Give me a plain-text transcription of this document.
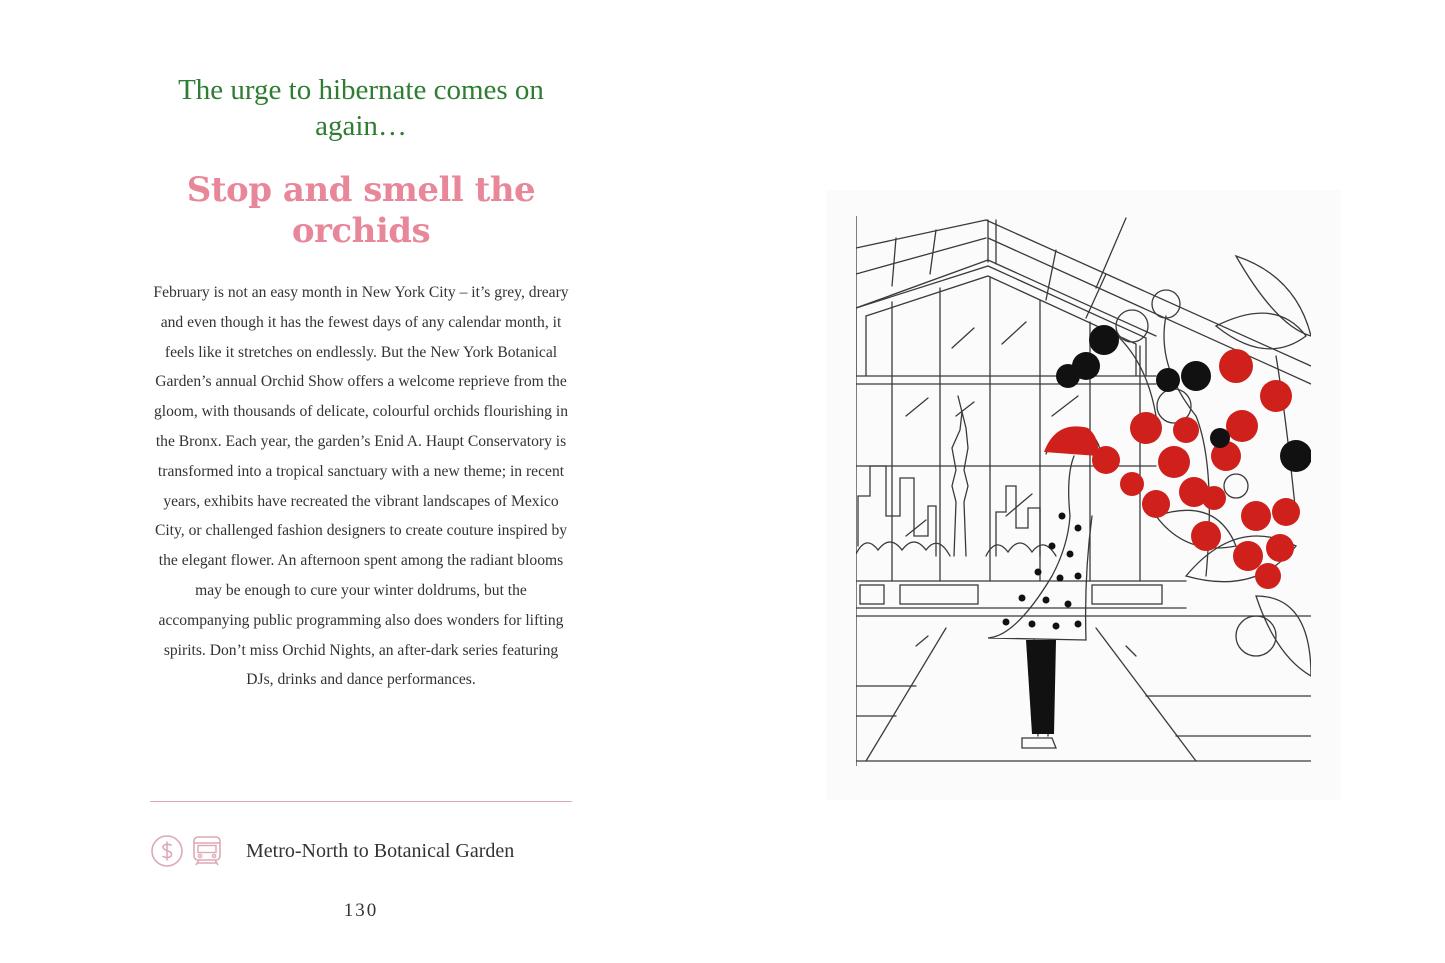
The urge to hibernate comes on again…
Stop and smell the orchids
February is not an easy month in New York City – it’s grey, dreary and even though it has the fewest days of any calendar month, it feels like it stretches on endlessly. But the New York Botanical Garden’s annual Orchid Show offers a welcome reprieve from the gloom, with thousands of delicate, colourful orchids flourishing in the Bronx. Each year, the garden’s Enid A. Haupt Conservatory is transformed into a tropical sanctuary with a new theme; in recent years, exhibits have recreated the vibrant landscapes of Mexico City, or challenged fashion designers to create couture inspired by the elegant flower. An afternoon spent among the radiant blooms may be enough to cure your winter doldrums, but the accompanying public programming also does wonders for lifting spirits. Don’t miss Orchid Nights, an after-dark series featuring DJs, drinks and dance performances.
Metro-North to Botanical Garden
130
